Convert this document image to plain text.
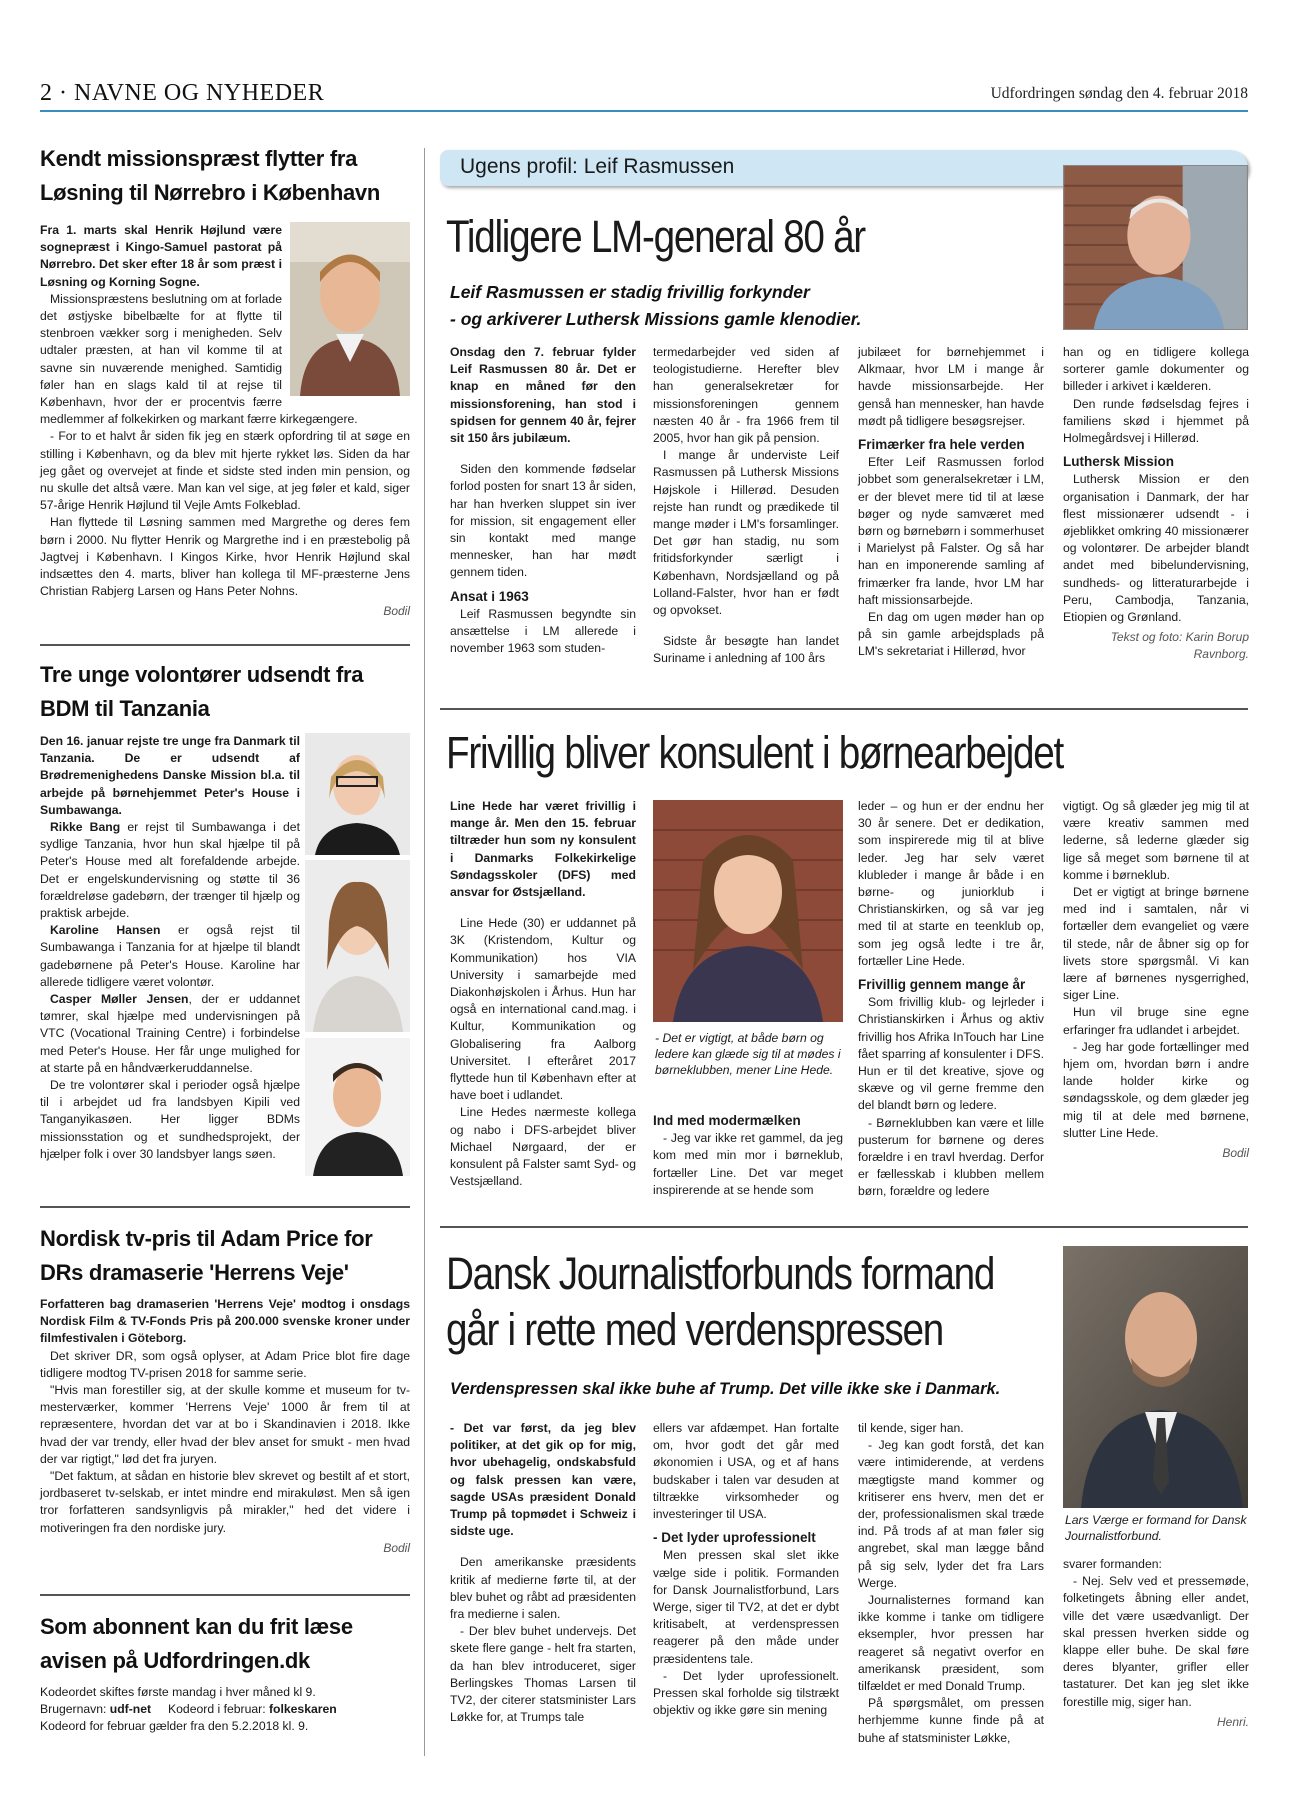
2 · NAVNE OG NYHEDER	Udfordringen søndag den 4. februar 2018
Kendt missionspræst flytter fra Løsning til Nørrebro i København

Fra 1. marts skal Henrik Højlund være sognepræst i Kingo-Samuel pastorat på Nørrebro. Det sker efter 18 år som præst i Løsning og Korning Sogne.

Missionspræstens beslutning om at forlade det østjyske bibelbælte for at flytte til stenbroen vækker sorg i menigheden. Selv udtaler præsten, at han vil komme til at savne sin nuværende menighed. Samtidig føler han en slags kald til at rejse til København, hvor der er procentvis færre medlemmer af folkekirken og markant færre kirkegængere.

- For to et halvt år siden fik jeg en stærk opfordring til at søge en stilling i København, og da blev mit hjerte rykket løs. Siden da har jeg gået og overvejet at finde et sidste sted inden min pension, og nu skulle det altså være. Man kan vel sige, at jeg føler et kald, siger 57-årige Henrik Højlund til Vejle Amts Folkeblad.

Han flyttede til Løsning sammen med Margrethe og deres fem børn i 2000. Nu flytter Henrik og Margrethe ind i en præstebolig på Jagtvej i København. I Kingos Kirke, hvor Henrik Højlund skal indsættes den 4. marts, bliver han kollega til MF-præsterne Jens Christian Rabjerg Larsen og Hans Peter Nohns.

Bodil
Tre unge volontører udsendt fra BDM til Tanzania

Den 16. januar rejste tre unge fra Danmark til Tanzania. De er udsendt af Brødremenighedens Danske Mission bl.a. til arbejde på børnehjemmet Peter's House i Sumbawanga.

Rikke Bang er rejst til Sumbawanga i det sydlige Tanzania, hvor hun skal hjælpe til på Peter's House med alt forefaldende arbejde. Det er engelskundervisning og støtte til 36 forældreløse gadebørn, der trænger til hjælp og praktisk arbejde.

Karoline Hansen er også rejst til Sumbawanga i Tanzania for at hjælpe til blandt gadebørnene på Peter's House. Karoline har allerede tidligere været volontør.

Casper Møller Jensen, der er uddannet tømrer, skal hjælpe med undervisningen på VTC (Vocational Training Centre) i forbindelse med Peter's House. Her får unge mulighed for at starte på en håndværkeruddannelse.

De tre volontører skal i perioder også hjælpe til i arbejdet ud fra landsbyen Kipili ved Tanganyikasøen. Her ligger BDMs missionsstation og et sundhedsprojekt, der hjælper folk i over 30 landsbyer langs søen.

Nordisk tv-pris til Adam Price for DRs dramaserie 'Herrens Veje'

Forfatteren bag dramaserien 'Herrens Veje' modtog i onsdags Nordisk Film & TV-Fonds Pris på 200.000 svenske kroner under filmfestivalen i Göteborg.

Det skriver DR, som også oplyser, at Adam Price blot fire dage tidligere modtog TV-prisen 2018 for samme serie.

"Hvis man forestiller sig, at der skulle komme et museum for tv-mesterværker, kommer 'Herrens Veje' 1000 år frem til at repræsentere, hvordan det var at bo i Skandinavien i 2018. Ikke hvad der var trendy, eller hvad der blev anset for smukt - men hvad der var rigtigt," lød det fra juryen.

"Det faktum, at sådan en historie blev skrevet og bestilt af et stort, jordbaseret tv-selskab, er intet mindre end mirakuløst. Men så igen tror forfatteren sandsynligvis på mirakler," hed det videre i motiveringen fra den nordiske jury.

Bodil
Som abonnent kan du frit læse avisen på Udfordringen.dk
Kodeordet skiftes første mandag i hver måned kl 9.
Brugernavn: udf-net Kodeord i februar: folkeskaren
Kodeord for februar gælder fra den 5.2.2018 kl. 9.
Ugens profil: Leif Rasmussen
Tidligere LM-general 80 år
Leif Rasmussen er stadig frivillig forkynder
- og arkiverer Luthersk Missions gamle klenodier.

Onsdag den 7. februar fylder Leif Rasmussen 80 år. Det er knap en måned før den missionsforening, han stod i spidsen for gennem 40 år, fejrer sit 150 års jubilæum.

Siden den kommende fødselar forlod posten for snart 13 år siden, har han hverken sluppet sin iver for mission, sit engagement eller sin kontakt med mange mennesker, han har mødt gennem tiden.

Ansat i 1963

Leif Rasmussen begyndte sin ansættelse i LM allerede i november 1963 som studen-

termedarbejder ved siden af teologistudierne. Herefter blev han generalsekretær for missionsforeningen gennem næsten 40 år - fra 1966 frem til 2005, hvor han gik på pension.

I mange år underviste Leif Rasmussen på Luthersk Missions Højskole i Hillerød. Desuden rejste han rundt og prædikede til mange møder i LM's forsamlinger. Det gør han stadig, nu som fritidsforkynder særligt i København, Nordsjælland og på Lolland-Falster, hvor han er født og opvokset.

Sidste år besøgte han landet Suriname i anledning af 100 års

jubilæet for børnehjemmet i Alkmaar, hvor LM i mange år havde missionsarbejde. Her genså han mennesker, han havde mødt på tidligere besøgsrejser.

Frimærker fra hele verden

Efter Leif Rasmussen forlod jobbet som generalsekretær i LM, er der blevet mere tid til at læse bøger og nyde samværet med børn og børnebørn i sommerhuset i Marielyst på Falster. Og så har han en imponerende samling af frimærker fra lande, hvor LM har haft missionsarbejde.

En dag om ugen møder han op på sin gamle arbejdsplads på LM's sekretariat i Hillerød, hvor

han og en tidligere kollega sorterer gamle dokumenter og billeder i arkivet i kælderen.

Den runde fødselsdag fejres i familiens skød i hjemmet på Holmegårdsvej i Hillerød.

Luthersk Mission

Luthersk Mission er den organisation i Danmark, der har flest missionærer udsendt - i øjeblikket omkring 40 missionærer og volontører. De arbejder blandt andet med bibelundervisning, sundheds- og litteraturarbejde i Peru, Cambodja, Tanzania, Etiopien og Grønland.

Tekst og foto: Karin Borup Ravnborg.
Frivillig bliver konsulent i børnearbejdet

Line Hede har været frivillig i mange år. Men den 15. februar tiltræder hun som ny konsulent i Danmarks Folkekirkelige Søndagsskoler (DFS) med ansvar for Østsjælland.

Line Hede (30) er uddannet på 3K (Kristendom, Kultur og Kommunikation) hos VIA University i samarbejde med Diakonhøjskolen i Århus. Hun har også en international cand.mag. i Kultur, Kommunikation og Globalisering fra Aalborg Universitet. I efteråret 2017 flyttede hun til København efter at have boet i udlandet.

Line Hedes nærmeste kollega og nabo i DFS-arbejdet bliver Michael Nørgaard, der er konsulent på Falster samt Syd- og Vestsjælland.

- Det er vigtigt, at både børn og ledere kan glæde sig til at mødes i børneklubben, mener Line Hede.
Ind med modermælken

- Jeg var ikke ret gammel, da jeg kom med min mor i børneklub, fortæller Line. Det var meget inspirerende at se hende som

leder – og hun er der endnu her 30 år senere. Det er dedikation, som inspirerede mig til at blive leder. Jeg har selv været klubleder i mange år både i en børne- og juniorklub i Christianskirken, og så var jeg med til at starte en teenklub op, som jeg også ledte i tre år, fortæller Line Hede.

Frivillig gennem mange år

Som frivillig klub- og lejrleder i Christianskirken i Århus og aktiv frivillig hos Afrika InTouch har Line fået sparring af konsulenter i DFS. Hun er til det kreative, sjove og skæve og vil gerne fremme den del blandt børn og ledere.

- Børneklubben kan være et lille pusterum for børnene og deres forældre i en travl hverdag. Derfor er fællesskab i klubben mellem børn, forældre og ledere

vigtigt. Og så glæder jeg mig til at være kreativ sammen med lederne, så lederne glæder sig lige så meget som børnene til at komme i børneklub.

Det er vigtigt at bringe børnene med ind i samtalen, når vi fortæller dem evangeliet og være til stede, når de åbner sig op for livets store spørgsmål. Vi kan lære af børnenes nysgerrighed, siger Line.

Hun vil bruge sine egne erfaringer fra udlandet i arbejdet.

- Jeg har gode fortællinger med hjem om, hvordan børn i andre lande holder kirke og søndagsskole, og dem glæder jeg mig til at dele med børnene, slutter Line Hede.

Bodil
Dansk Journalistforbunds formand
går i rette med verdenspressen
Lars Værge er formand for Dansk Journalistforbund.
Verdenspressen skal ikke buhe af Trump. Det ville ikke ske i Danmark.

- Det var først, da jeg blev politiker, at det gik op for mig, hvor ubehagelig, ondskabsfuld og falsk pressen kan være, sagde USAs præsident Donald Trump på topmødet i Schweiz i sidste uge.

Den amerikanske præsidents kritik af medierne førte til, at der blev buhet og råbt ad præsidenten fra medierne i salen.

- Der blev buhet undervejs. Det skete flere gange - helt fra starten, da han blev introduceret, siger Berlingskes Thomas Larsen til TV2, der citerer statsminister Lars Løkke for, at Trumps tale

ellers var afdæmpet. Han fortalte om, hvor godt det går med økonomien i USA, og et af hans budskaber i talen var desuden at tiltrække virksomheder og investeringer til USA.

- Det lyder uprofessionelt

Men pressen skal slet ikke vælge side i politik. Formanden for Dansk Journalistforbund, Lars Werge, siger til TV2, at det er dybt kritisabelt, at verdenspressen reagerer på den måde under præsidentens tale.

- Det lyder uprofessionelt. Pressen skal forholde sig tilstrækt objektiv og ikke gøre sin mening

til kende, siger han.

- Jeg kan godt forstå, det kan være intimiderende, at verdens mægtigste mand kommer og kritiserer ens hverv, men det er der, professionalismen skal træde ind. På trods af at man føler sig angrebet, skal man lægge bånd på sig selv, lyder det fra Lars Werge.

Journalisternes formand kan ikke komme i tanke om tidligere eksempler, hvor pressen har reageret så negativt overfor en amerikansk præsident, som tilfældet er med Donald Trump.

På spørgsmålet, om pressen herhjemme kunne finde på at buhe af statsminister Løkke,

svarer formanden:

- Nej. Selv ved et pressemøde, folketingets åbning eller andet, ville det være usædvanligt. Der skal pressen hverken sidde og klappe eller buhe. De skal føre deres blyanter, grifler eller tastaturer. Det kan jeg slet ikke forestille mig, siger han.

Henri.
